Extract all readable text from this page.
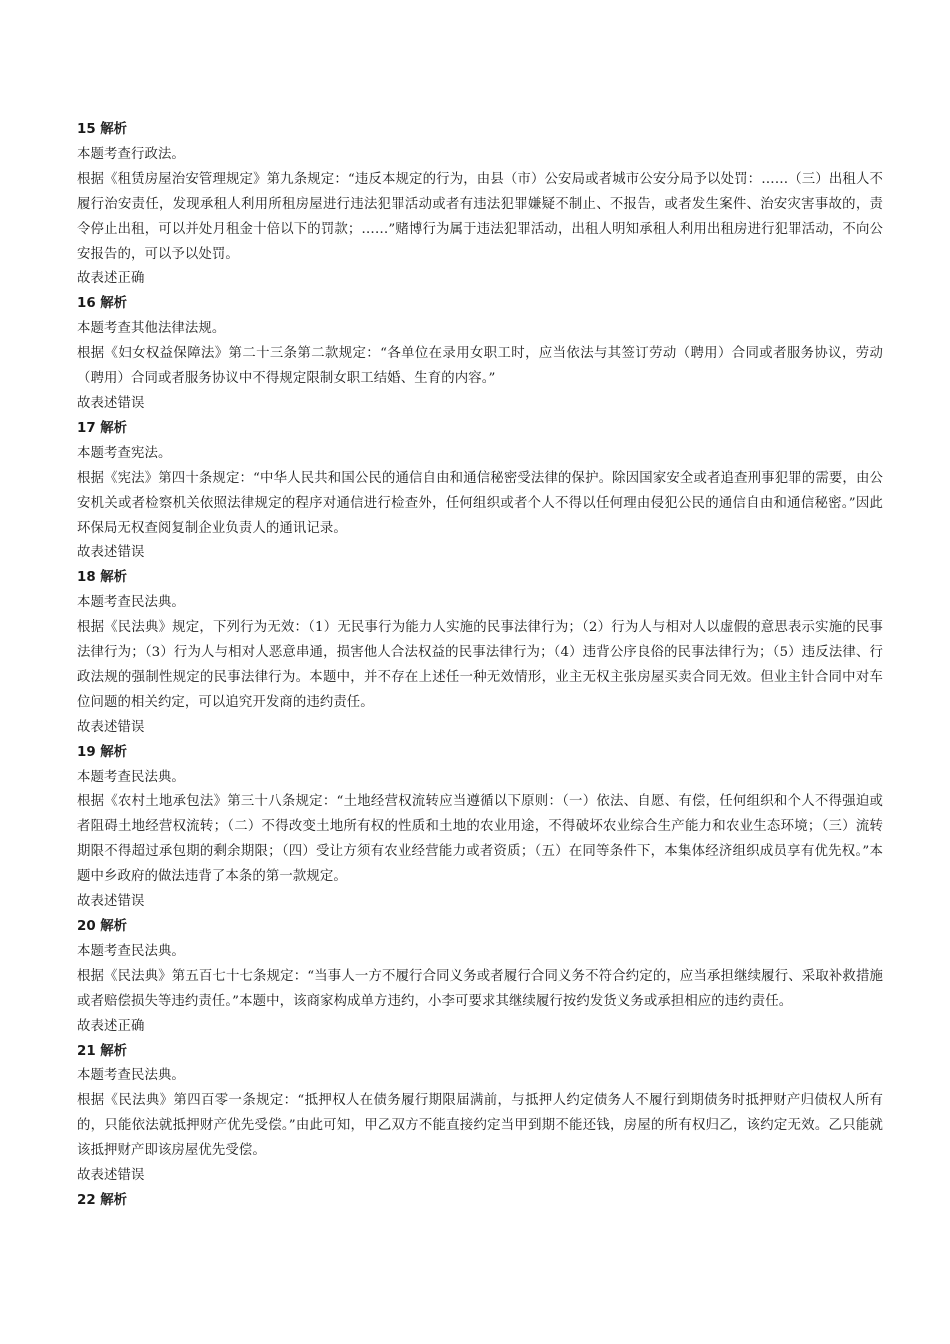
15 解析
本题考查行政法。
根据《租赁房屋治安管理规定》第九条规定：“违反本规定的行为，由县（市）公安局或者城市公安分局予以处罚：……（三）出租人不履行治安责任，发现承租人利用所租房屋进行违法犯罪活动或者有违法犯罪嫌疑不制止、不报告，或者发生案件、治安灾害事故的，责令停止出租，可以并处月租金十倍以下的罚款；……”赌博行为属于违法犯罪活动，出租人明知承租人利用出租房进行犯罪活动，不向公安报告的，可以予以处罚。
故表述正确
16 解析
本题考查其他法律法规。
根据《妇女权益保障法》第二十三条第二款规定：“各单位在录用女职工时，应当依法与其签订劳动（聘用）合同或者服务协议，劳动（聘用）合同或者服务协议中不得规定限制女职工结婚、生育的内容。”
故表述错误
17 解析
本题考查宪法。
根据《宪法》第四十条规定：“中华人民共和国公民的通信自由和通信秘密受法律的保护。除因国家安全或者追查刑事犯罪的需要，由公安机关或者检察机关依照法律规定的程序对通信进行检查外，任何组织或者个人不得以任何理由侵犯公民的通信自由和通信秘密。”因此环保局无权查阅复制企业负责人的通讯记录。
故表述错误
18 解析
本题考查民法典。
根据《民法典》规定，下列行为无效：（1）无民事行为能力人实施的民事法律行为；（2）行为人与相对人以虚假的意思表示实施的民事法律行为；（3）行为人与相对人恶意串通，损害他人合法权益的民事法律行为；（4）违背公序良俗的民事法律行为；（5）违反法律、行政法规的强制性规定的民事法律行为。本题中，并不存在上述任一种无效情形，业主无权主张房屋买卖合同无效。但业主针合同中对车位问题的相关约定，可以追究开发商的违约责任。
故表述错误
19 解析
本题考查民法典。
根据《农村土地承包法》第三十八条规定：“土地经营权流转应当遵循以下原则：（一）依法、自愿、有偿，任何组织和个人不得强迫或者阻碍土地经营权流转；（二）不得改变土地所有权的性质和土地的农业用途，不得破坏农业综合生产能力和农业生态环境；（三）流转期限不得超过承包期的剩余期限；（四）受让方须有农业经营能力或者资质；（五）在同等条件下，本集体经济组织成员享有优先权。”本题中乡政府的做法违背了本条的第一款规定。
故表述错误
20 解析
本题考查民法典。
根据《民法典》第五百七十七条规定：“当事人一方不履行合同义务或者履行合同义务不符合约定的，应当承担继续履行、采取补救措施或者赔偿损失等违约责任。”本题中，该商家构成单方违约，小李可要求其继续履行按约发货义务或承担相应的违约责任。
故表述正确
21 解析
本题考查民法典。
根据《民法典》第四百零一条规定：“抵押权人在债务履行期限届满前，与抵押人约定债务人不履行到期债务时抵押财产归债权人所有的，只能依法就抵押财产优先受偿。”由此可知，甲乙双方不能直接约定当甲到期不能还钱，房屋的所有权归乙，该约定无效。乙只能就该抵押财产即该房屋优先受偿。
故表述错误
22 解析
